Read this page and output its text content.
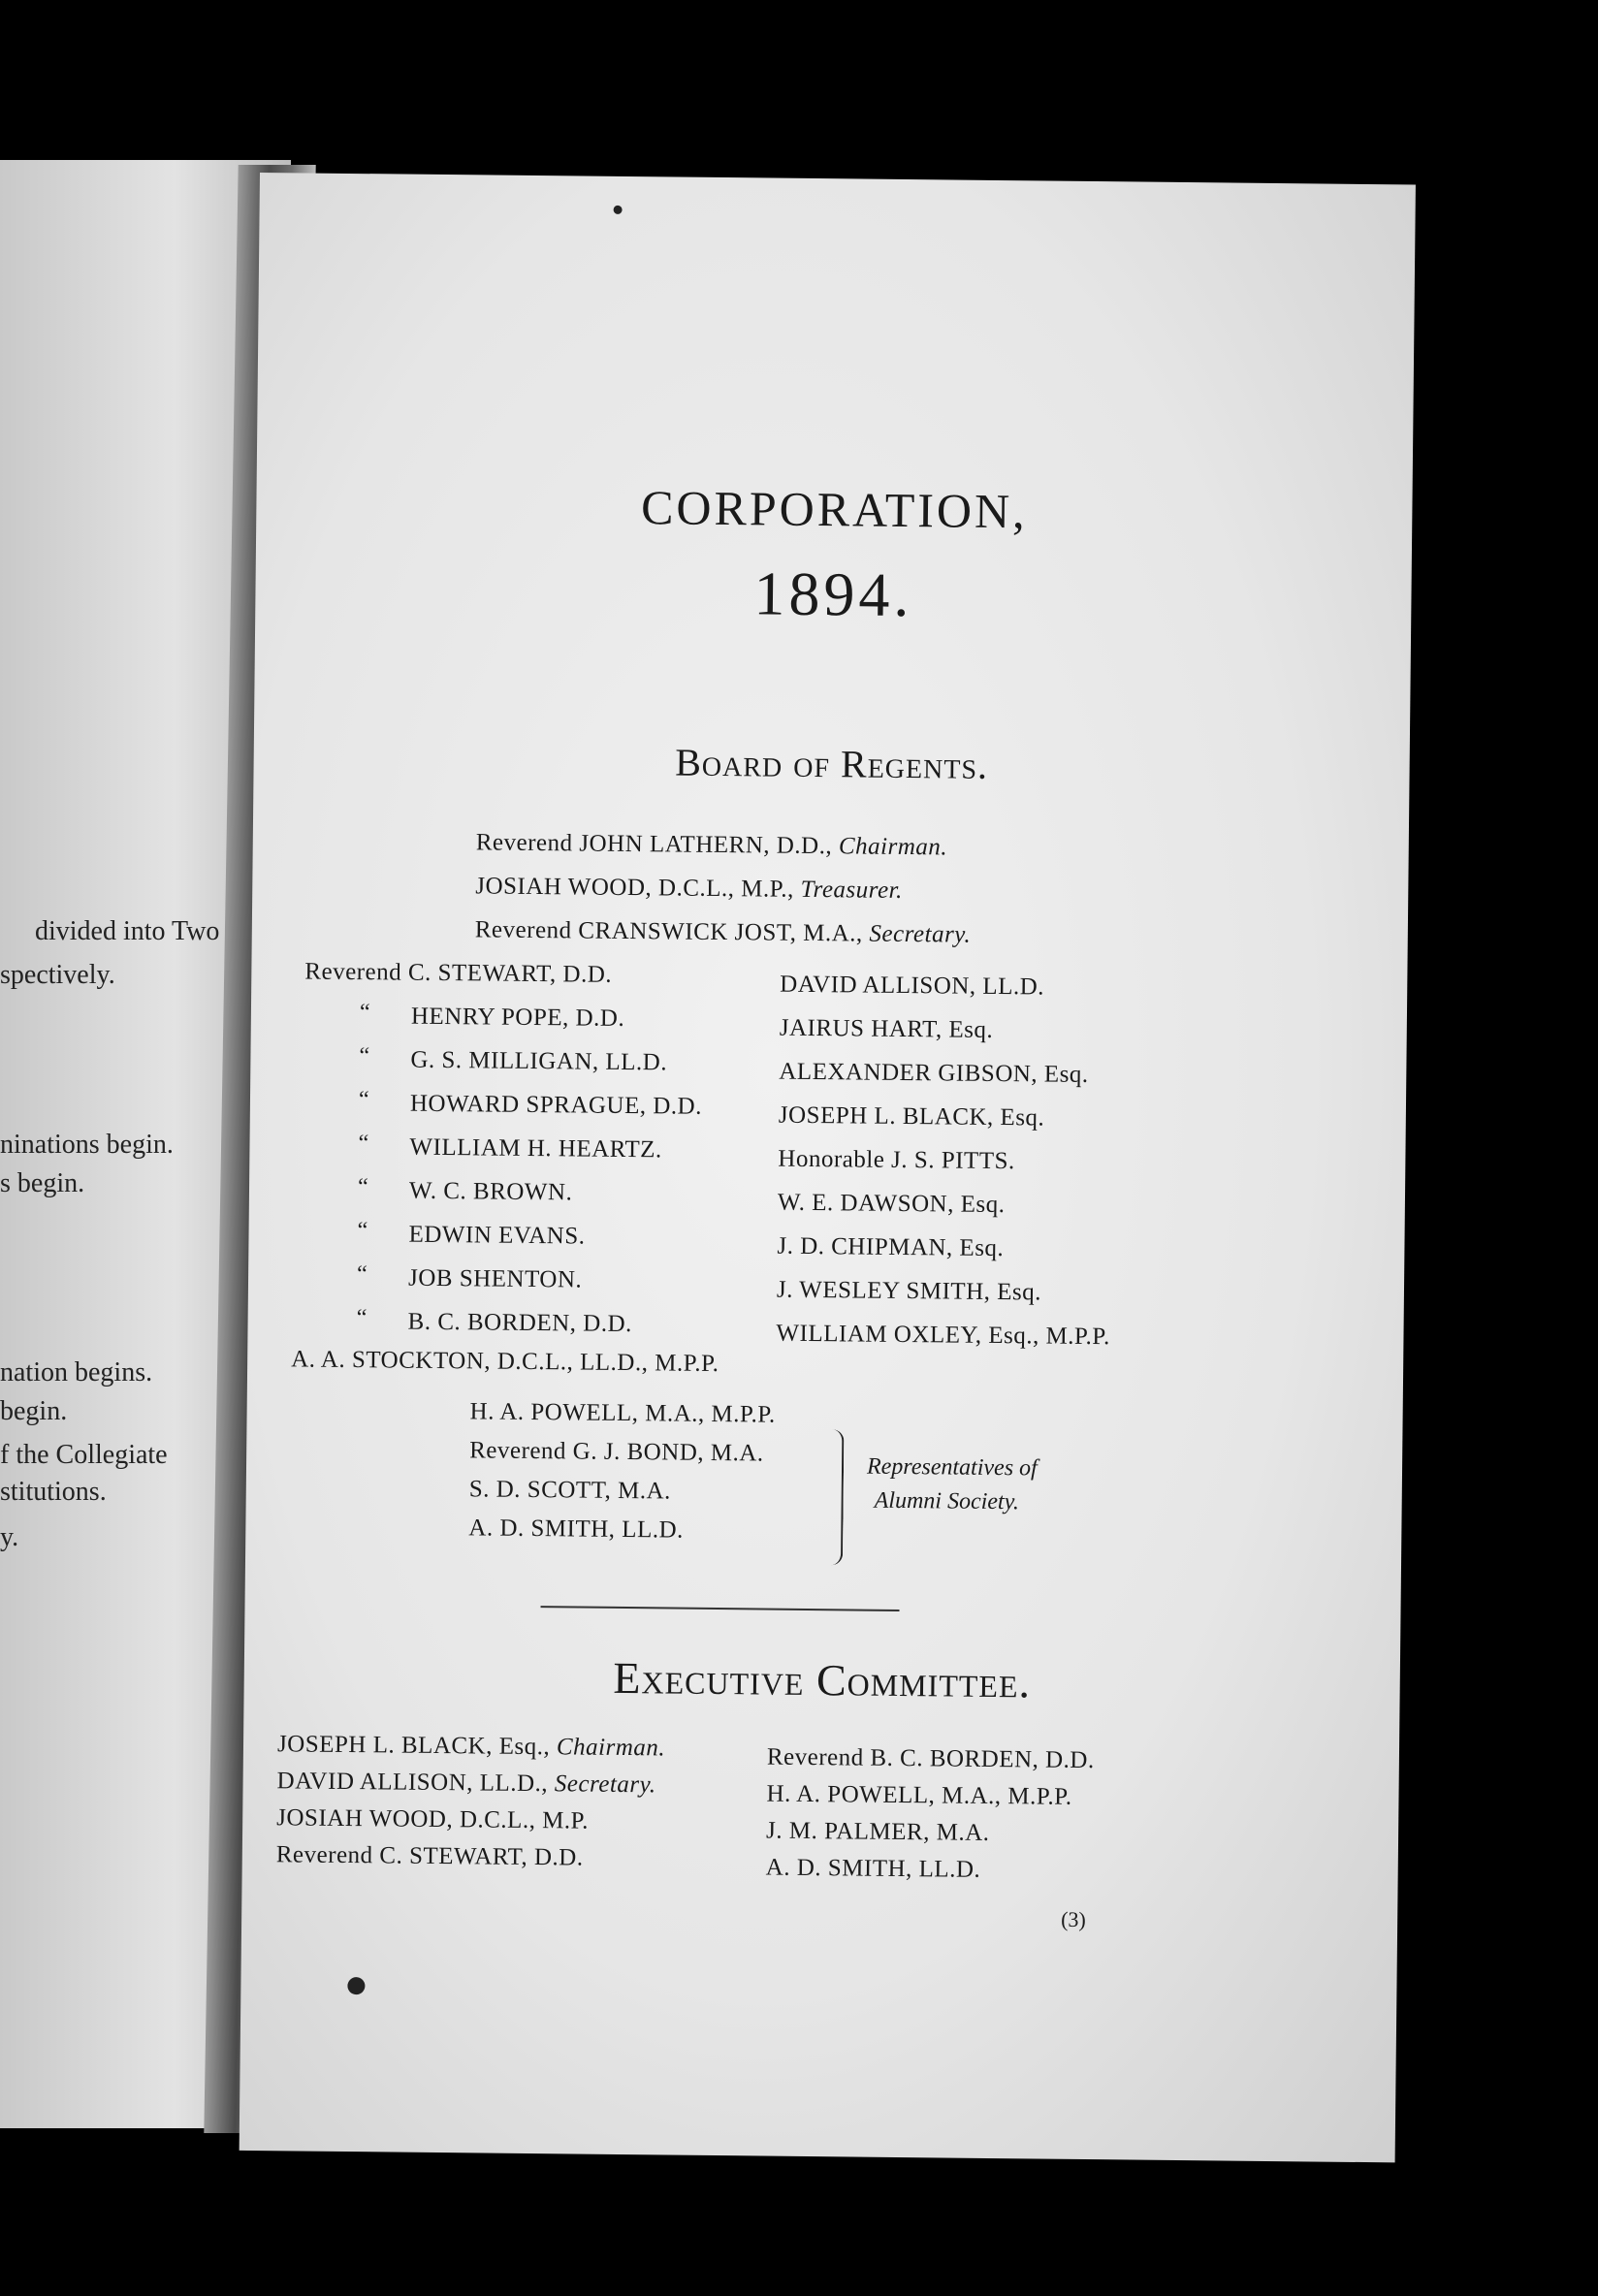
divided into Two
spectively.
ninations begin.
s begin.
nation begins.
begin.
f the Collegiate
stitutions.
y.
CORPORATION,
1894.
Board of Regents.
Reverend JOHN LATHERN, D.D., Chairman.
JOSIAH WOOD, D.C.L., M.P., Treasurer.
Reverend CRANSWICK JOST, M.A., Secretary.
Reverend C. STEWART, D.D.
“ HENRY POPE, D.D.
“ G. S. MILLIGAN, LL.D.
“ HOWARD SPRAGUE, D.D.
“ WILLIAM H. HEARTZ.
“ W. C. BROWN.
“ EDWIN EVANS.
“ JOB SHENTON.
“ B. C. BORDEN, D.D.
DAVID ALLISON, LL.D.
JAIRUS HART, Esq.
ALEXANDER GIBSON, Esq.
JOSEPH L. BLACK, Esq.
Honorable J. S. PITTS.
W. E. DAWSON, Esq.
J. D. CHIPMAN, Esq.
J. WESLEY SMITH, Esq.
WILLIAM OXLEY, Esq., M.P.P.
A. A. STOCKTON, D.C.L., LL.D., M.P.P.
H. A. POWELL, M.A., M.P.P.
Reverend G. J. BOND, M.A.
S. D. SCOTT, M.A.
A. D. SMITH, LL.D.
Representatives of
Alumni Society.
Executive Committee.
JOSEPH L. BLACK, Esq., Chairman.
DAVID ALLISON, LL.D., Secretary.
JOSIAH WOOD, D.C.L., M.P.
Reverend C. STEWART, D.D.
Reverend B. C. BORDEN, D.D.
H. A. POWELL, M.A., M.P.P.
J. M. PALMER, M.A.
A. D. SMITH, LL.D.
(3)
